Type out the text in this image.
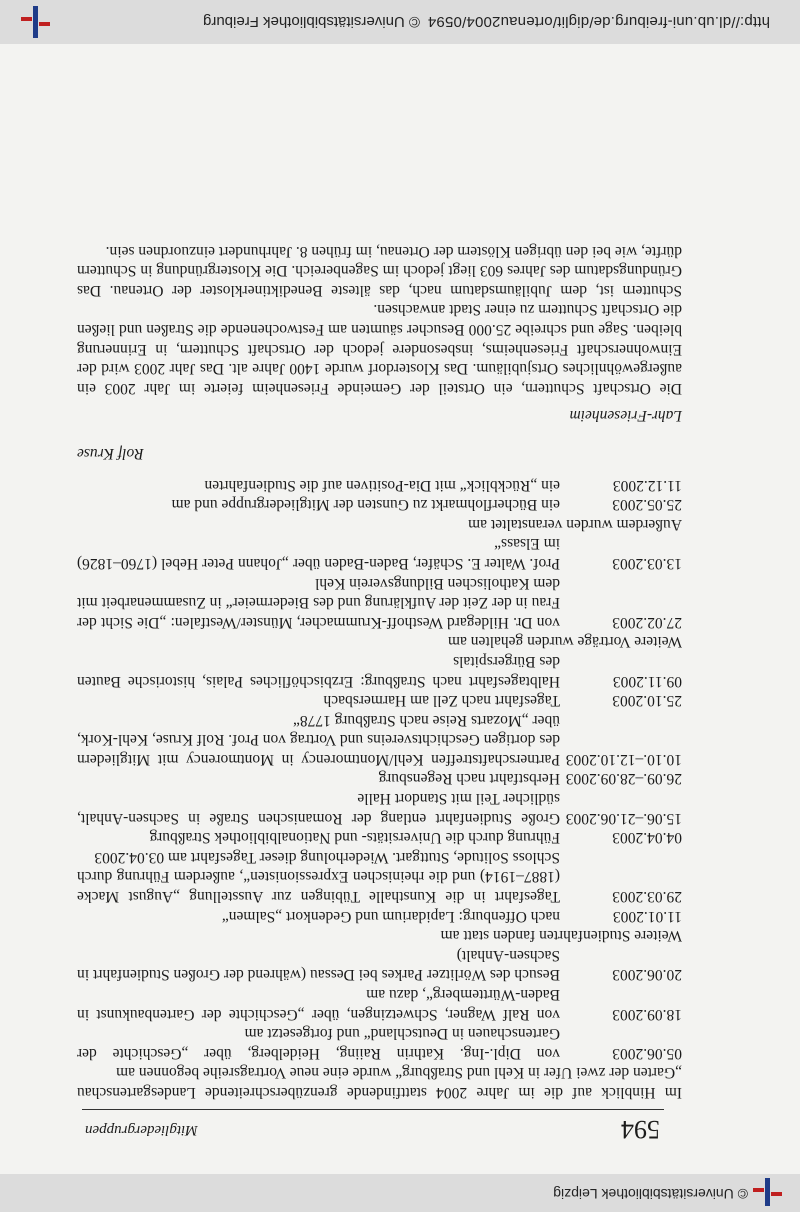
© Universitätsbibliothek Leipzig
594
Mitgliedergruppen

Im Hinblick auf die im Jahre 2004 stattfindende grenzüberschreitende Landesgartenschau „Garten der zwei Ufer in Kehl und Straßburg“ wurde eine neue Vortragsreihe begonnen am

05.06.2003
von Dipl.-Ing. Kathrin Raiing, Heidelberg, über „Geschichte der Gartenschauen in Deutschland“ und fortgesetzt am
18.09.2003
von Ralf Wagner, Schwetzingen, über „Geschichte der Gartenbaukunst in Baden-Württemberg“, dazu am
20.06.2003
Besuch des Wörlitzer Parkes bei Dessau (während der Großen Studienfahrt in Sachsen-Anhalt)

Weitere Studienfahrten fanden statt am

11.01.2003
nach Offenburg: Lapidarium und Gedenkort „Salmen“
29.03.2003
Tagesfahrt in die Kunsthalle Tübingen zur Ausstellung „August Macke (1887–1914) und die rheinischen Expressionisten“, außerdem Führung durch Schloss Solitude, Stuttgart. Wiederholung dieser Tagesfahrt am 03.04.2003
04.04.2003
Führung durch die Universitäts- und Nationalbibliothek Straßburg
15.06.–21.06.2003
Große Studienfahrt entlang der Romanischen Straße in Sachsen-Anhalt, südlicher Teil mit Standort Halle
26.09.–28.09.2003
Herbstfahrt nach Regensburg
10.10.–12.10.2003
Partnerschaftstreffen Kehl/Montmorency in Montmorency mit Mitgliedern des dortigen Geschichtsvereins und Vortrag von Prof. Rolf Kruse, Kehl-Kork, über „Mozarts Reise nach Straßburg 1778“
25.10.2003
Tagesfahrt nach Zell am Harmersbach
09.11.2003
Halbtagesfahrt nach Straßburg: Erzbischöfliches Palais, historische Bauten des Bürgerspitals

Weitere Vorträge wurden gehalten am

27.02.2003
von Dr. Hildegard Westhoff-Krummacher, Münster/Westfalen: „Die Sicht der Frau in der Zeit der Aufklärung und des Biedermeier“ in Zusammenarbeit mit dem Katholischen Bildungsverein Kehl
13.03.2003
Prof. Walter E. Schäfer, Baden-Baden über „Johann Peter Hebel (1760–1826) im Elsass“

Außerdem wurden veranstaltet am

25.05.2003
ein Bücherflohmarkt zu Gunsten der Mitgliedergruppe und am
11.12.2003
ein „Rückblick“ mit Dia-Positiven auf die Studienfahrten
Rolf Kruse
Lahr-Friesenheim

Die Ortschaft Schuttern, ein Ortsteil der Gemeinde Friesenheim feierte im Jahr 2003 ein außergewöhnliches Ortsjubiläum. Das Klosterdorf wurde 1400 Jahre alt. Das Jahr 2003 wird der Einwohnerschaft Friesenheims, insbesondere jedoch der Ortschaft Schuttern, in Erinnerung bleiben. Sage und schreibe 25.000 Besucher säumten am Festwochenende die Straßen und ließen die Ortschaft Schuttern zu einer Stadt anwachsen.

Schuttern ist, dem Jubiläumsdatum nach, das älteste Benediktinerkloster der Ortenau. Das Gründungsdatum des Jahres 603 liegt jedoch im Sagenbereich. Die Klostergründung in Schuttern dürfte, wie bei den übrigen Klöstern der Ortenau, im frühen 8. Jahrhundert einzuordnen sein.

http://dl.ub.uni-freiburg.de/diglit/ortenau2004/0594
© Universitätsbibliothek Freiburg
